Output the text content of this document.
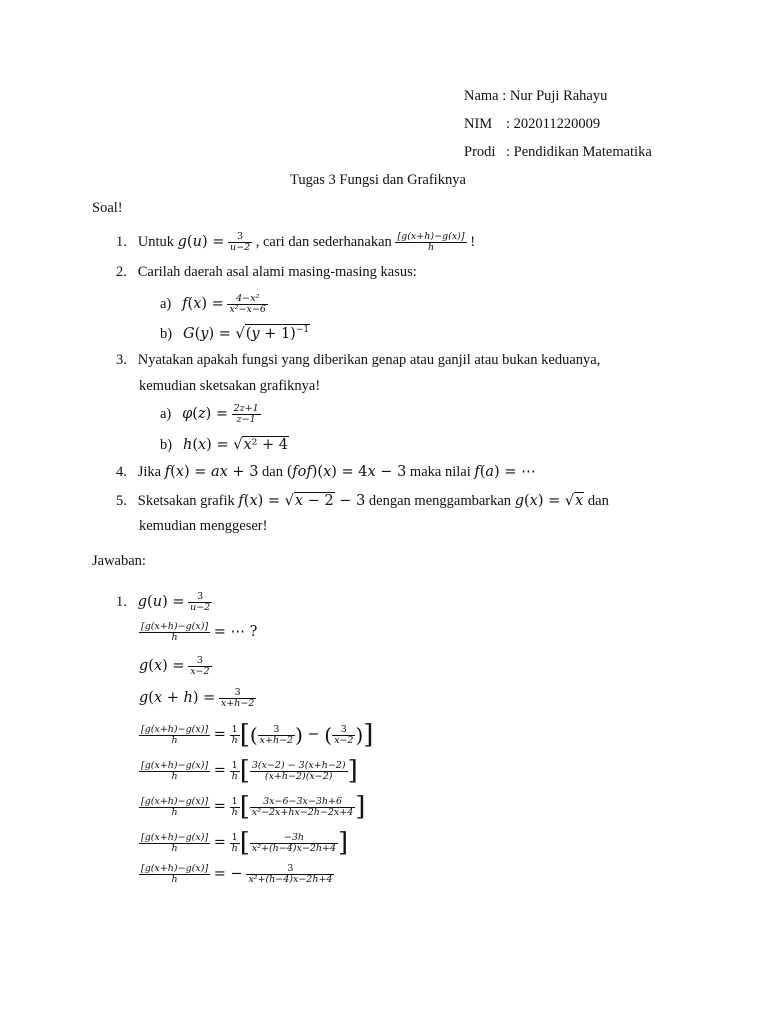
Nama : Nur Puji Rahayu
NIM : 202011220009
Prodi : Pendidikan Matematika
Tugas 3 Fungsi dan Grafiknya
Soal!
1. Untuk $g(u) = \frac{3}{u-2}$ , cari dan sederhanakan $\frac{[g(x+h)-g(x)]}{h}$ !
2. Carilah daerah asal alami masing-masing kasus:
a) $f(x) = \frac{\text{4−x²}}{\text{x²−x−6}}$
b) $G(y) = √(y + 1)^{-1}$
3. Nyatakan apakah fungsi yang diberikan genap atau ganjil atau bukan keduanya,
kemudian sketsakan grafiknya!
a) $\varphi(z) = \frac{2z+1}{z-1}$
b) h(x) = √x² + 4
4. Jika f(x) = ax + 3 dan (fof)(x) = 4x − 3 maka nilai f(a) = ⋯
5. Sketsakan grafik f(x) = √x − 2 − 3 dengan menggambarkan g(x) = √x dan
kemudian menggeser!
Jawaban:
1. $g(u) = \frac{3}{u-2}$
$\frac{[g(x+h)-g(x)]}{h}$ = ⋯ ?
$g(x) = \frac{3}{x-2}$
$g(x + h) = \frac{3}{x+h-2}$
$\frac{[g(x+h)-g(x)]}{h} = \frac{1}{h}$ [( $\frac{3}{x+h-2}$ ) − ( $\frac{3}{x-2}$ )]
$\frac{[g(x+h)-g(x)]}{h} = \frac{1}{h}$ [ $\frac{3(x-2) - 3(x+h-2)}{(x+h-2)(x-2)}$ ]
$\frac{[g(x+h)-g(x)]}{h} = \frac{1}{h}$ [ $\frac{3x-6-3x-3h+6}{\text{x²−2x+hx−2h−2x+4}}$ ]
$\frac{[g(x+h)-g(x)]}{h} = \frac{1}{h}$ [ $\frac{-3h}{\text{x²+(h−4)x−2h+4}}$ ]
$\frac{[g(x+h)-g(x)]}{h}$ = − $\frac{3}{\text{x²+(h−4)x−2h+4}}$
